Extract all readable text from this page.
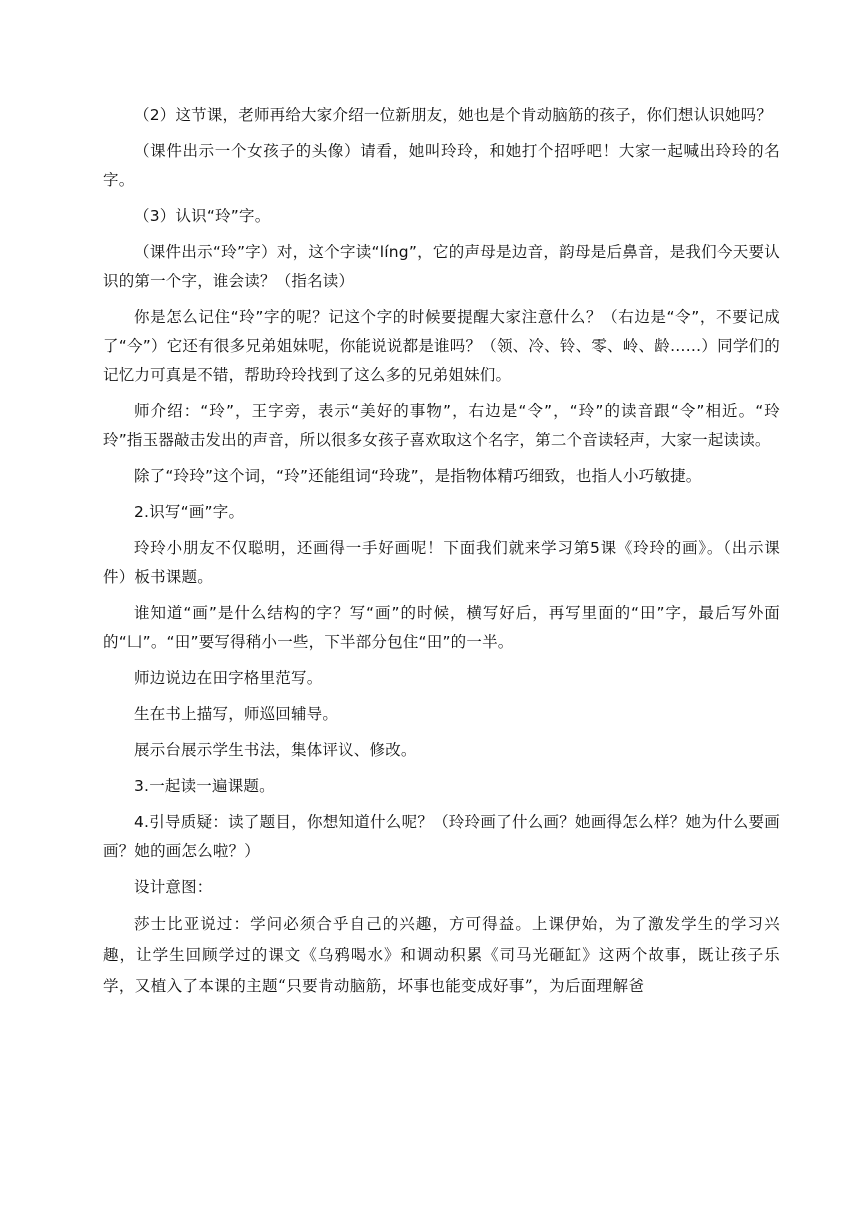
（2）这节课，老师再给大家介绍一位新朋友，她也是个肯动脑筋的孩子，你们想认识她吗？

（课件出示一个女孩子的头像）请看，她叫玲玲，和她打个招呼吧！大家一起喊出玲玲的名字。

（3）认识“玲”字。

（课件出示“玲”字）对，这个字读“líng”，它的声母是边音，韵母是后鼻音，是我们今天要认识的第一个字，谁会读？（指名读）

你是怎么记住“玲”字的呢？记这个字的时候要提醒大家注意什么？（右边是“令”，不要记成了“今”）它还有很多兄弟姐妹呢，你能说说都是谁吗？（领、冷、铃、零、岭、龄……）同学们的记忆力可真是不错，帮助玲玲找到了这么多的兄弟姐妹们。

师介绍：“玲”，王字旁，表示“美好的事物”，右边是“令”，“玲”的读音跟“令”相近。“玲玲”指玉器敲击发出的声音，所以很多女孩子喜欢取这个名字，第二个音读轻声，大家一起读读。

除了“玲玲”这个词，“玲”还能组词“玲珑”，是指物体精巧细致，也指人小巧敏捷。

2.识写“画”字。

玲玲小朋友不仅聪明，还画得一手好画呢！下面我们就来学习第5课《玲玲的画》。（出示课件）板书课题。

谁知道“画”是什么结构的字？写“画”的时候，横写好后，再写里面的“田”字，最后写外面的“凵”。“田”要写得稍小一些，下半部分包住“田”的一半。

师边说边在田字格里范写。

生在书上描写，师巡回辅导。

展示台展示学生书法，集体评议、修改。

3.一起读一遍课题。

4.引导质疑：读了题目，你想知道什么呢？（玲玲画了什么画？她画得怎么样？她为什么要画画？她的画怎么啦？）

设计意图：

莎士比亚说过：学问必须合乎自己的兴趣，方可得益。上课伊始，为了激发学生的学习兴趣，让学生回顾学过的课文《乌鸦喝水》和调动积累《司马光砸缸》这两个故事，既让孩子乐学，又植入了本课的主题“只要肯动脑筋，坏事也能变成好事”，为后面理解爸
